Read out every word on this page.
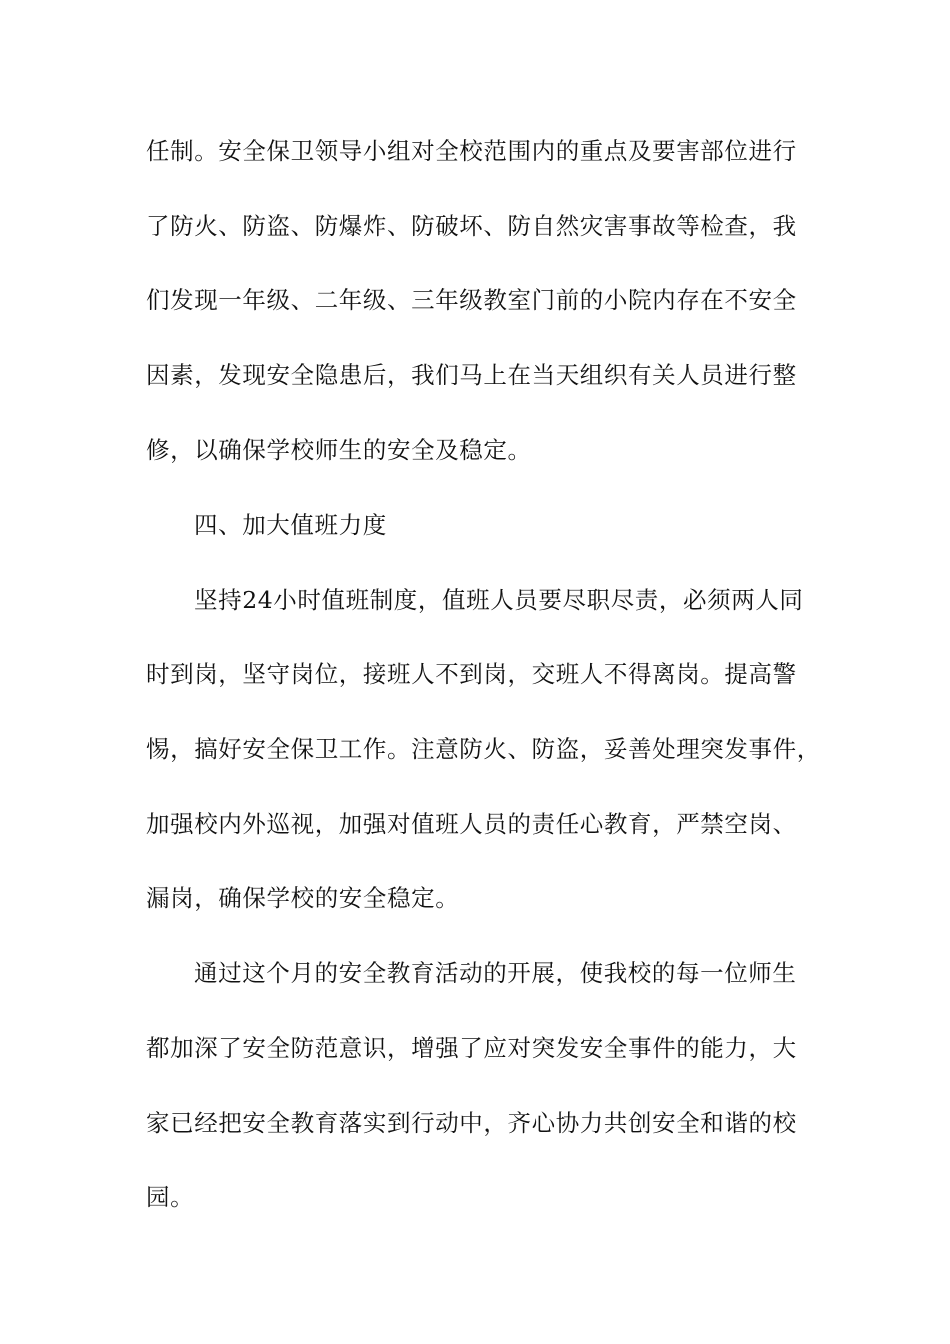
任制。安全保卫领导小组对全校范围内的重点及要害部位进行
了防火、防盗、防爆炸、防破坏、防自然灾害事故等检查，我
们发现一年级、二年级、三年级教室门前的小院内存在不安全
因素，发现安全隐患后，我们马上在当天组织有关人员进行整
修，以确保学校师生的安全及稳定。
四、加大值班力度
坚持24小时值班制度，值班人员要尽职尽责，必须两人同
时到岗，坚守岗位，接班人不到岗，交班人不得离岗。提高警
惕，搞好安全保卫工作。注意防火、防盗，妥善处理突发事件，
加强校内外巡视，加强对值班人员的责任心教育，严禁空岗、
漏岗，确保学校的安全稳定。
通过这个月的安全教育活动的开展，使我校的每一位师生
都加深了安全防范意识，增强了应对突发安全事件的能力，大
家已经把安全教育落实到行动中，齐心协力共创安全和谐的校
园。
